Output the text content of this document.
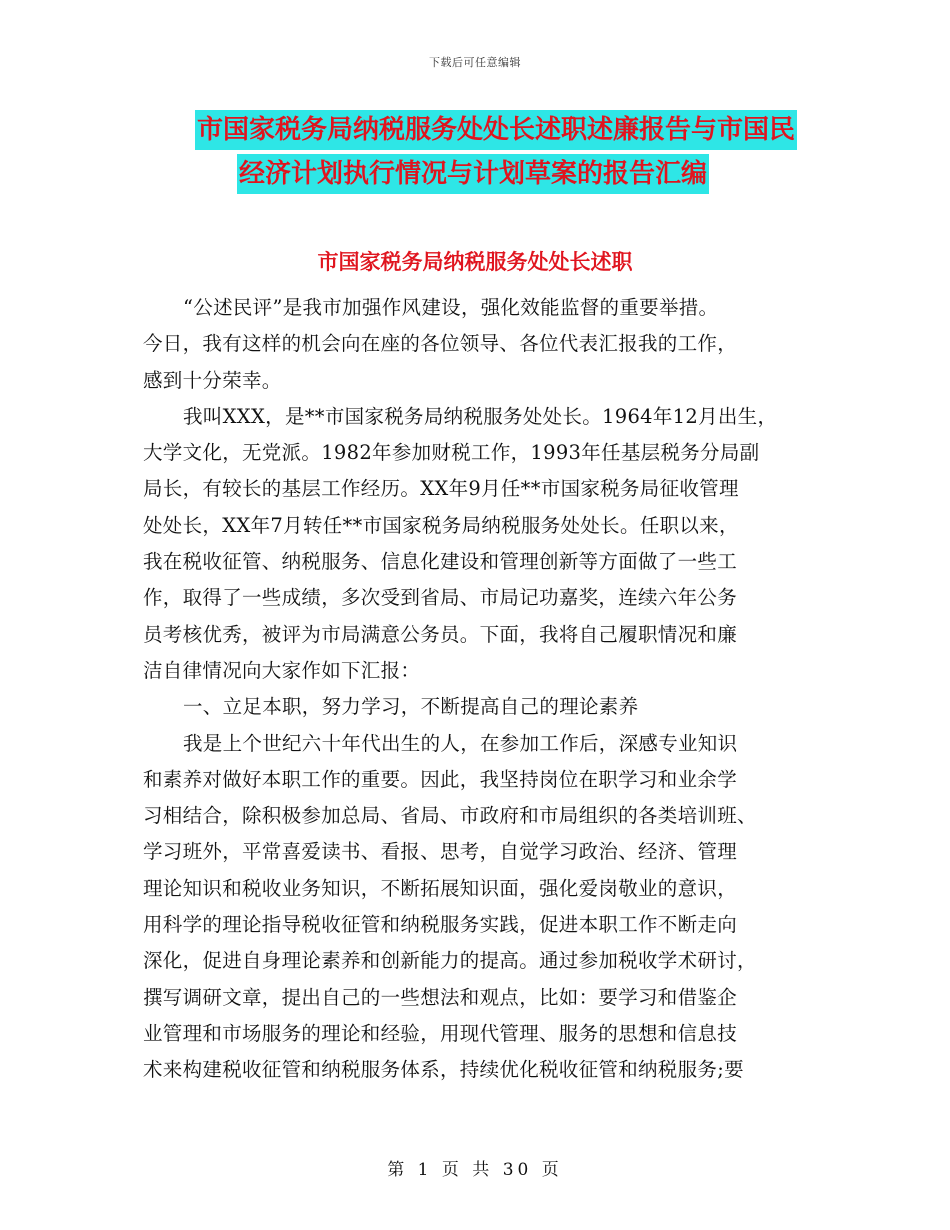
下载后可任意编辑
市国家税务局纳税服务处处长述职述廉报告与市国民
经济计划执行情况与计划草案的报告汇编
市国家税务局纳税服务处处长述职
“公述民评”是我市加强作风建设，强化效能监督的重要举措。
今日，我有这样的机会向在座的各位领导、各位代表汇报我的工作，
感到十分荣幸。
我叫XXX，是**市国家税务局纳税服务处处长。1964年12月出生，
大学文化，无党派。1982年参加财税工作，1993年任基层税务分局副
局长，有较长的基层工作经历。XX年9月任**市国家税务局征收管理
处处长，XX年7月转任**市国家税务局纳税服务处处长。任职以来，
我在税收征管、纳税服务、信息化建设和管理创新等方面做了一些工
作，取得了一些成绩，多次受到省局、市局记功嘉奖，连续六年公务
员考核优秀，被评为市局满意公务员。下面，我将自己履职情况和廉
洁自律情况向大家作如下汇报：
一、立足本职，努力学习，不断提高自己的理论素养
我是上个世纪六十年代出生的人，在参加工作后，深感专业知识
和素养对做好本职工作的重要。因此，我坚持岗位在职学习和业余学
习相结合，除积极参加总局、省局、市政府和市局组织的各类培训班、
学习班外，平常喜爱读书、看报、思考，自觉学习政治、经济、管理
理论知识和税收业务知识，不断拓展知识面，强化爱岗敬业的意识，
用科学的理论指导税收征管和纳税服务实践，促进本职工作不断走向
深化，促进自身理论素养和创新能力的提高。通过参加税收学术研讨，
撰写调研文章，提出自己的一些想法和观点，比如：要学习和借鉴企
业管理和市场服务的理论和经验，用现代管理、服务的思想和信息技
术来构建税收征管和纳税服务体系，持续优化税收征管和纳税服务;要
第 1 页 共 30 页
